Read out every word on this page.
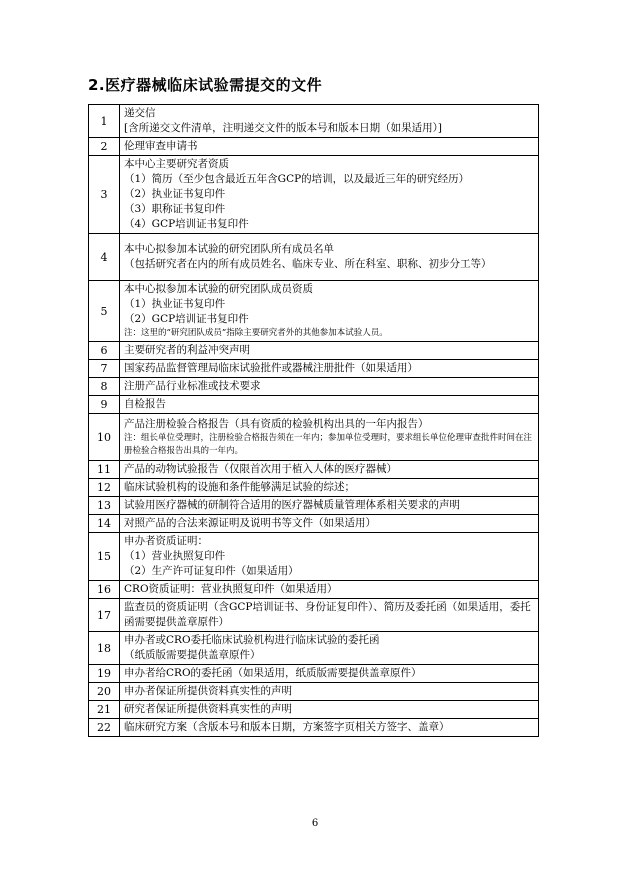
2.医疗器械临床试验需提交的文件
1	递交信
[含所递交文件清单，注明递交文件的版本号和版本日期（如果适用）]

2	伦理审查申请书

3	本中心主要研究者资质
（1）简历（至少包含最近五年含GCP的培训，以及最近三年的研究经历）
（2）执业证书复印件
（3）职称证书复印件
（4）GCP培训证书复印件

4	本中心拟参加本试验的研究团队所有成员名单
（包括研究者在内的所有成员姓名、临床专业、所在科室、职称、初步分工等）

5	本中心拟参加本试验的研究团队成员资质
（1）执业证书复印件
（2）GCP培训证书复印件
注：这里的“研究团队成员”指除主要研究者外的其他参加本试验人员。

6	主要研究者的利益冲突声明

7	国家药品监督管理局临床试验批件或器械注册批件（如果适用）

8	注册产品行业标准或技术要求

9	自检报告

10	产品注册检验合格报告（具有资质的检验机构出具的一年内报告）
注：组长单位受理时，注册检验合格报告须在一年内；参加单位受理时，要求组长单位伦理审查批件时间在注册检验合格报告出具的一年内。

11	产品的动物试验报告（仅限首次用于植入人体的医疗器械）

12	临床试验机构的设施和条件能够满足试验的综述；

13	试验用医疗器械的研制符合适用的医疗器械质量管理体系相关要求的声明

14	对照产品的合法来源证明及说明书等文件（如果适用）

15	申办者资质证明：
（1）营业执照复印件
（2）生产许可证复印件（如果适用）

16	CRO资质证明：营业执照复印件（如果适用）

17	监查员的资质证明（含GCP培训证书、身份证复印件）、简历及委托函（如果适用，委托函需要提供盖章原件）

18	申办者或CRO委托临床试验机构进行临床试验的委托函
（纸质版需要提供盖章原件）

19	申办者给CRO的委托函（如果适用，纸质版需要提供盖章原件）

20	申办者保证所提供资料真实性的声明

21	研究者保证所提供资料真实性的声明

22	临床研究方案（含版本号和版本日期，方案签字页相关方签字、盖章）
6
